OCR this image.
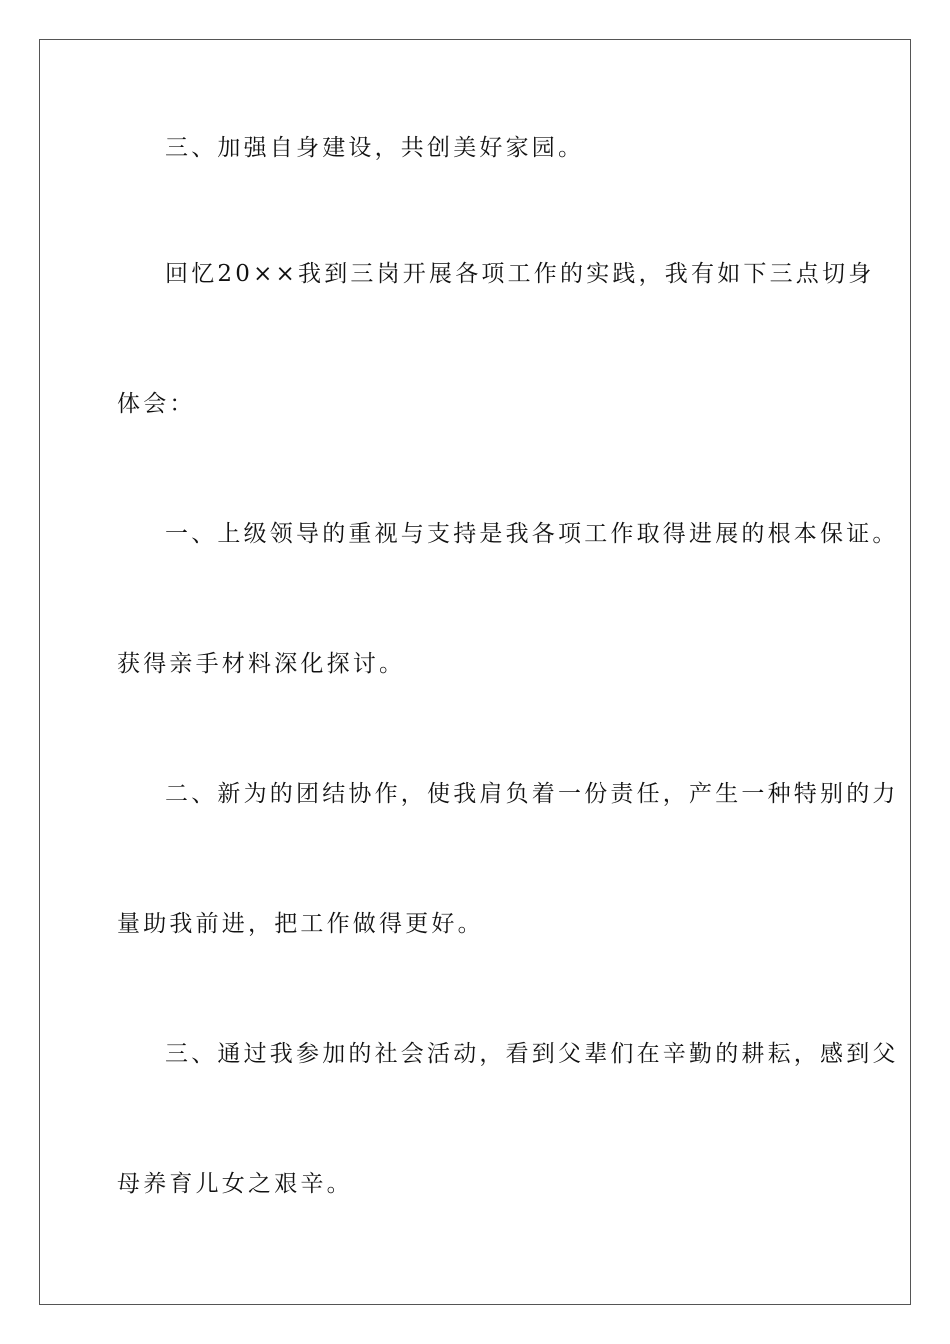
三、加强自身建设，共创美好家园。
回忆20××我到三岗开展各项工作的实践，我有如下三点切身
体会：
一、上级领导的重视与支持是我各项工作取得进展的根本保证。
获得亲手材料深化探讨。
二、新为的团结协作，使我肩负着一份责任，产生一种特别的力
量助我前进，把工作做得更好。
三、通过我参加的社会活动，看到父辈们在辛勤的耕耘，感到父
母养育儿女之艰辛。
